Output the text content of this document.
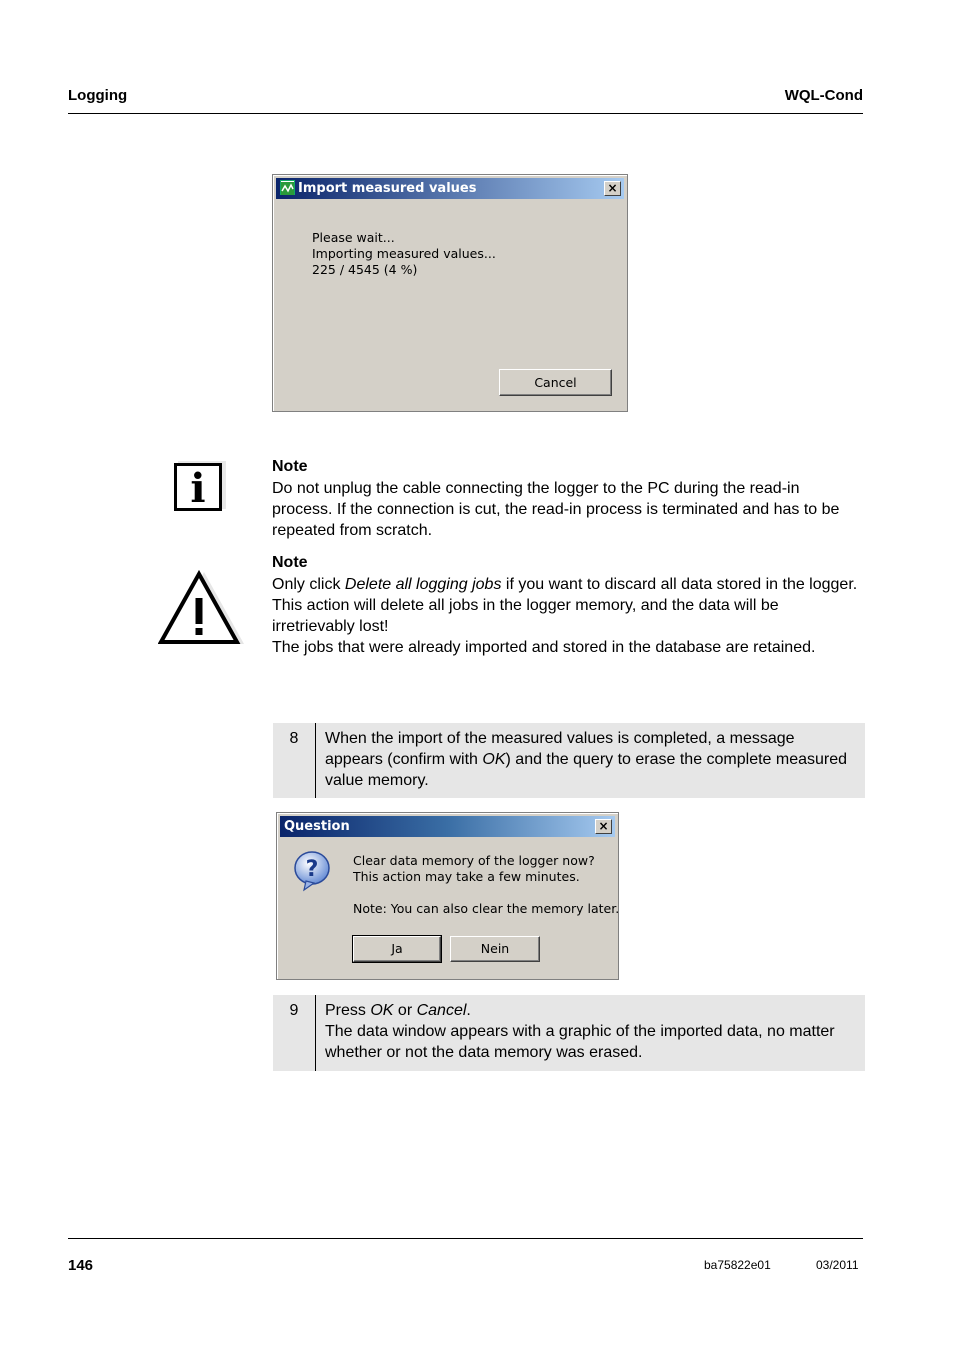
Logging	WQL-Cond
Import measured values	×
Please wait...
Importing measured values...
225 / 4545 (4 %)
Cancel
i	Note
Do not unplug the cable connecting the logger to the PC during the read-in process. If the connection is cut, the read-in process is terminated and has to be repeated from scratch.
Note
Only click Delete all logging jobs if you want to discard all data stored in the logger. This action will delete all jobs in the logger memory, and the data will be irretrievably lost!
The jobs that were already imported and stored in the database are retained.
8	When the import of the measured values is completed, a message appears (confirm with OK) and the query to erase the complete measured value memory.
Question	×
?	Clear data memory of the logger now?
This action may take a few minutes.
Note: You can also clear the memory later.
Ja	Nein
9	Press OK or Cancel.
The data window appears with a graphic of the imported data, no matter whether or not the data memory was erased.
146	ba75822e01	03/2011
